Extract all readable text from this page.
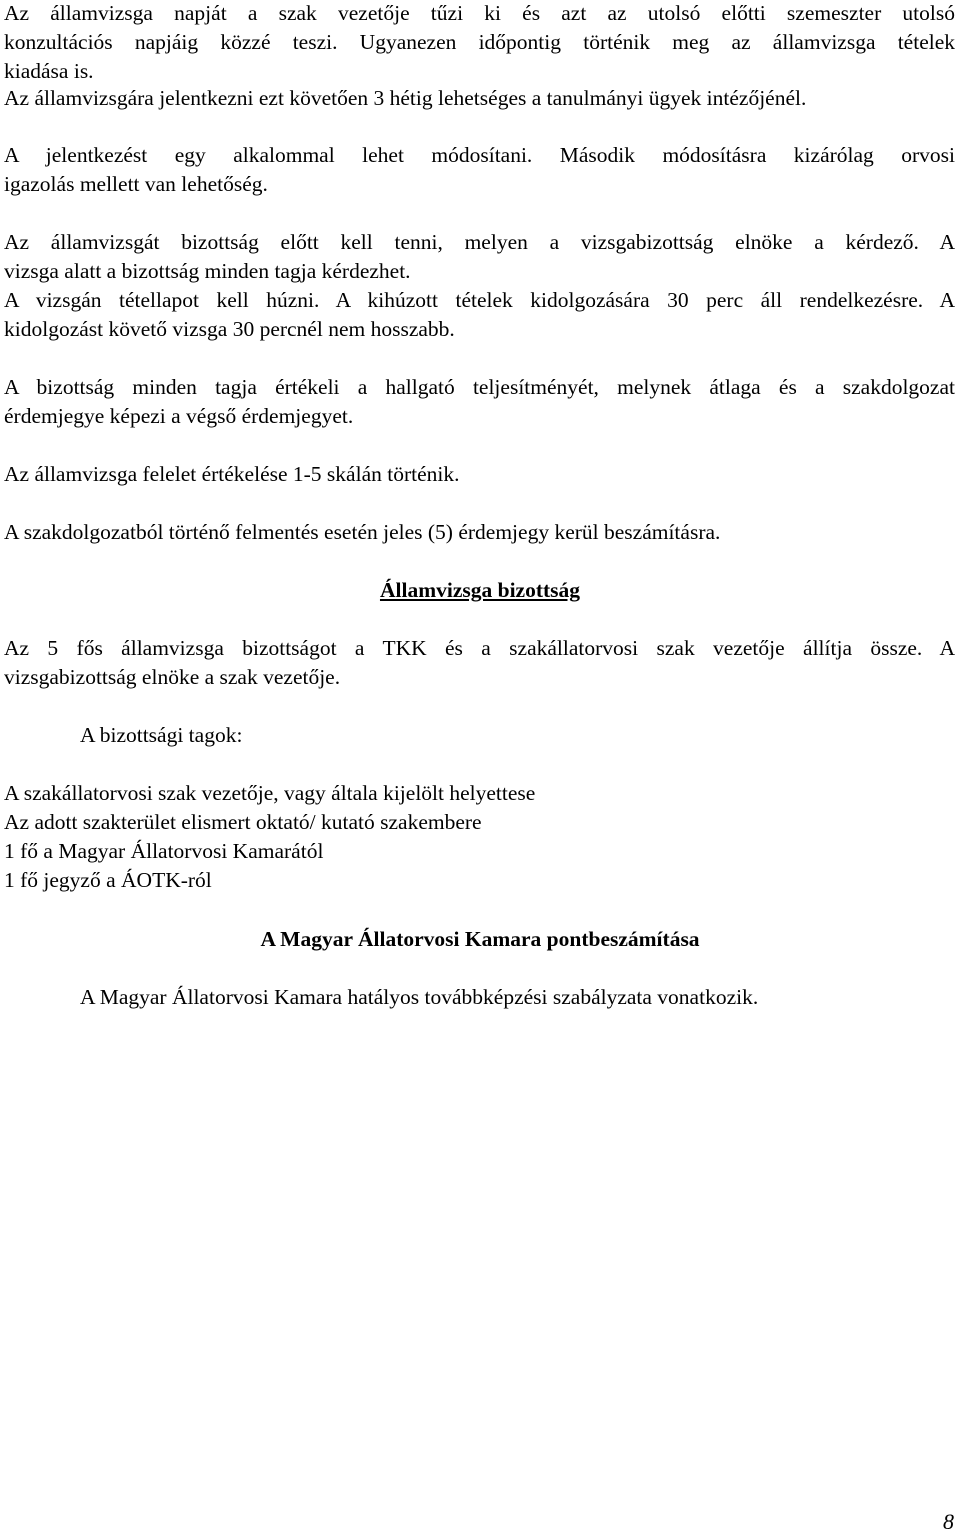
Az államvizsga napját a szak vezetője tűzi ki és azt az utolsó előtti szemeszter utolsó

konzultációs napjáig közzé teszi. Ugyanezen időpontig történik meg az államvizsga tételek

kiadása is.

Az államvizsgára jelentkezni ezt követően 3 hétig lehetséges a tanulmányi ügyek intézőjénél.

A jelentkezést egy alkalommal lehet módosítani. Második módosításra kizárólag orvosi

igazolás mellett van lehetőség.

Az államvizsgát bizottság előtt kell tenni, melyen a vizsgabizottság elnöke a kérdező. A

vizsga alatt a bizottság minden tagja kérdezhet.

A vizsgán tétellapot kell húzni. A kihúzott tételek kidolgozására 30 perc áll rendelkezésre. A

kidolgozást követő vizsga 30 percnél nem hosszabb.

A bizottság minden tagja értékeli a hallgató teljesítményét, melynek átlaga és a szakdolgozat

érdemjegye képezi a végső érdemjegyet.

Az államvizsga felelet értékelése 1-5 skálán történik.

A szakdolgozatból történő felmentés esetén jeles (5) érdemjegy kerül beszámításra.

Államvizsga bizottság

Az 5 fős államvizsga bizottságot a TKK és a szakállatorvosi szak vezetője állítja össze. A

vizsgabizottság elnöke a szak vezetője.

A bizottsági tagok:

A szakállatorvosi szak vezetője, vagy általa kijelölt helyettese

Az adott szakterület elismert oktató/ kutató szakembere

1 fő a Magyar Állatorvosi Kamarától

1 fő jegyző a ÁOTK-ról

A Magyar Állatorvosi Kamara pontbeszámítása

A Magyar Állatorvosi Kamara hatályos továbbképzési szabályzata vonatkozik.

8
